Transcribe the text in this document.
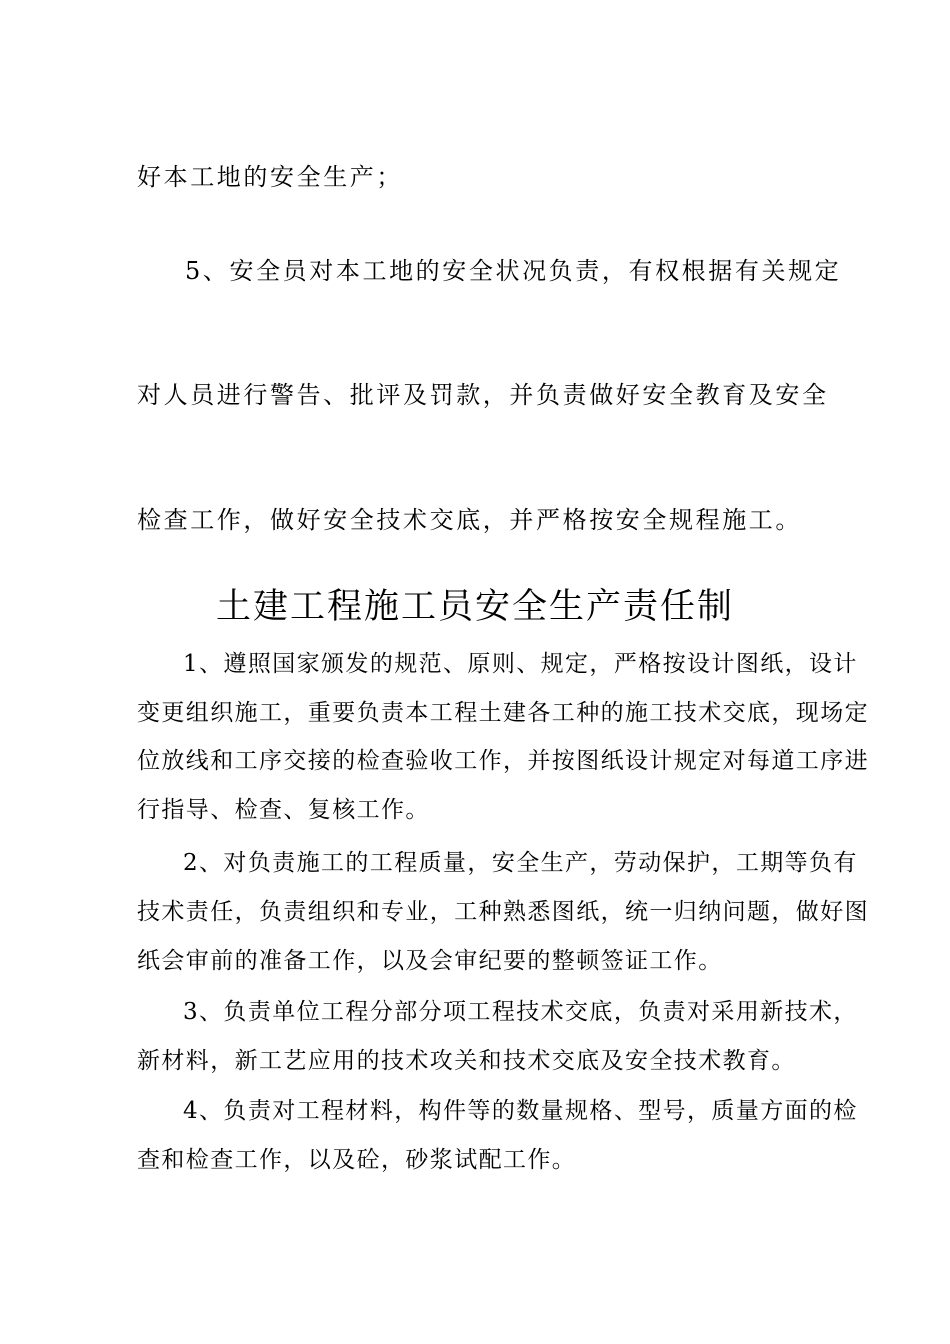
好本工地的安全生产；
5、安全员对本工地的安全状况负责，有权根据有关规定
对人员进行警告、批评及罚款，并负责做好安全教育及安全
检查工作，做好安全技术交底，并严格按安全规程施工。
土建工程施工员安全生产责任制
1、遵照国家颁发的规范、原则、规定，严格按设计图纸，设计
变更组织施工，重要负责本工程土建各工种的施工技术交底，现场定
位放线和工序交接的检查验收工作，并按图纸设计规定对每道工序进
行指导、检查、复核工作。
2、对负责施工的工程质量，安全生产，劳动保护，工期等负有
技术责任，负责组织和专业，工种熟悉图纸，统一归纳问题，做好图
纸会审前的准备工作，以及会审纪要的整顿签证工作。
3、负责单位工程分部分项工程技术交底，负责对采用新技术，
新材料，新工艺应用的技术攻关和技术交底及安全技术教育。
4、负责对工程材料，构件等的数量规格、型号，质量方面的检
查和检查工作，以及砼，砂浆试配工作。
